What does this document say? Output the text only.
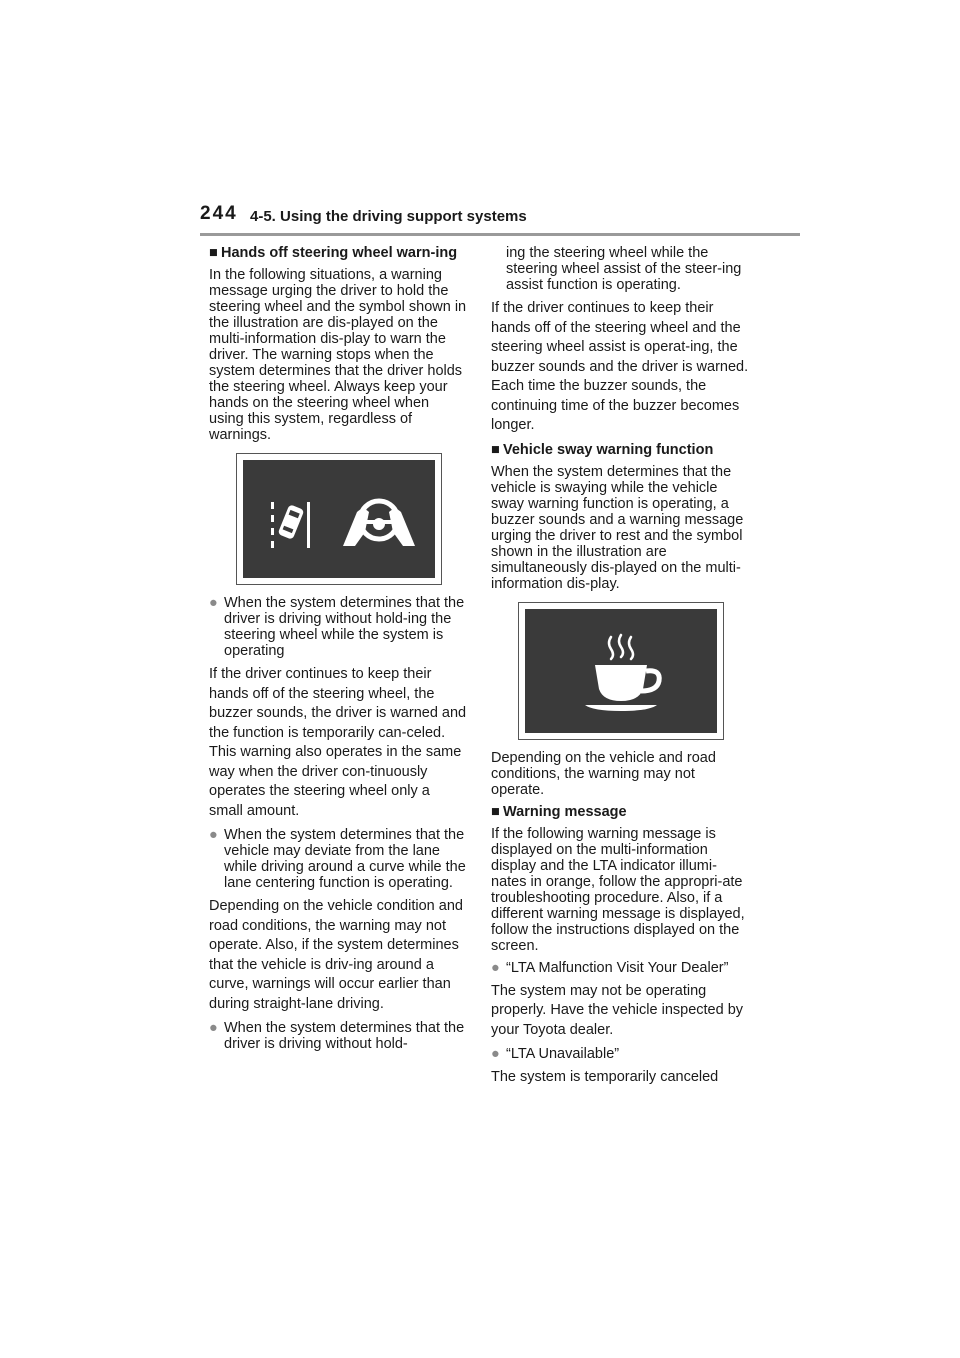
244 4-5. Using the driving support systems
■ Hands off steering wheel warn-ing

In the following situations, a warning message urging the driver to hold the steering wheel and the symbol shown in the illustration are dis-played on the multi-information dis-play to warn the driver. The warning stops when the system determines that the driver holds the steering wheel. Always keep your hands on the steering wheel when using this system, regardless of warnings.

● When the system determines that the driver is driving without hold-ing the steering wheel while the system is operating

If the driver continues to keep their hands off of the steering wheel, the buzzer sounds, the driver is warned and the function is temporarily can-celed. This warning also operates in the same way when the driver con-tinuously operates the steering wheel only a small amount.

● When the system determines that the vehicle may deviate from the lane while driving around a curve while the lane centering function is operating.

Depending on the vehicle condition and road conditions, the warning may not operate. Also, if the system determines that the vehicle is driv-ing around a curve, warnings will occur earlier than during straight-lane driving.

● When the system determines that the driver is driving without hold-

ing the steering wheel while the steering wheel assist of the steer-ing assist function is operating.

If the driver continues to keep their hands off of the steering wheel and the steering wheel assist is operat-ing, the buzzer sounds and the driver is warned. Each time the buzzer sounds, the continuing time of the buzzer becomes longer.

■ Vehicle sway warning function

When the system determines that the vehicle is swaying while the vehicle sway warning function is operating, a buzzer sounds and a warning message urging the driver to rest and the symbol shown in the illustration are simultaneously dis-played on the multi-information dis-play.

Depending on the vehicle and road conditions, the warning may not operate.

■ Warning message

If the following warning message is displayed on the multi-information display and the LTA indicator illumi-nates in orange, follow the appropri-ate troubleshooting procedure. Also, if a different warning message is displayed, follow the instructions displayed on the screen.

● “LTA Malfunction Visit Your Dealer”

The system may not be operating properly. Have the vehicle inspected by your Toyota dealer.

● “LTA Unavailable”

The system is temporarily canceled
